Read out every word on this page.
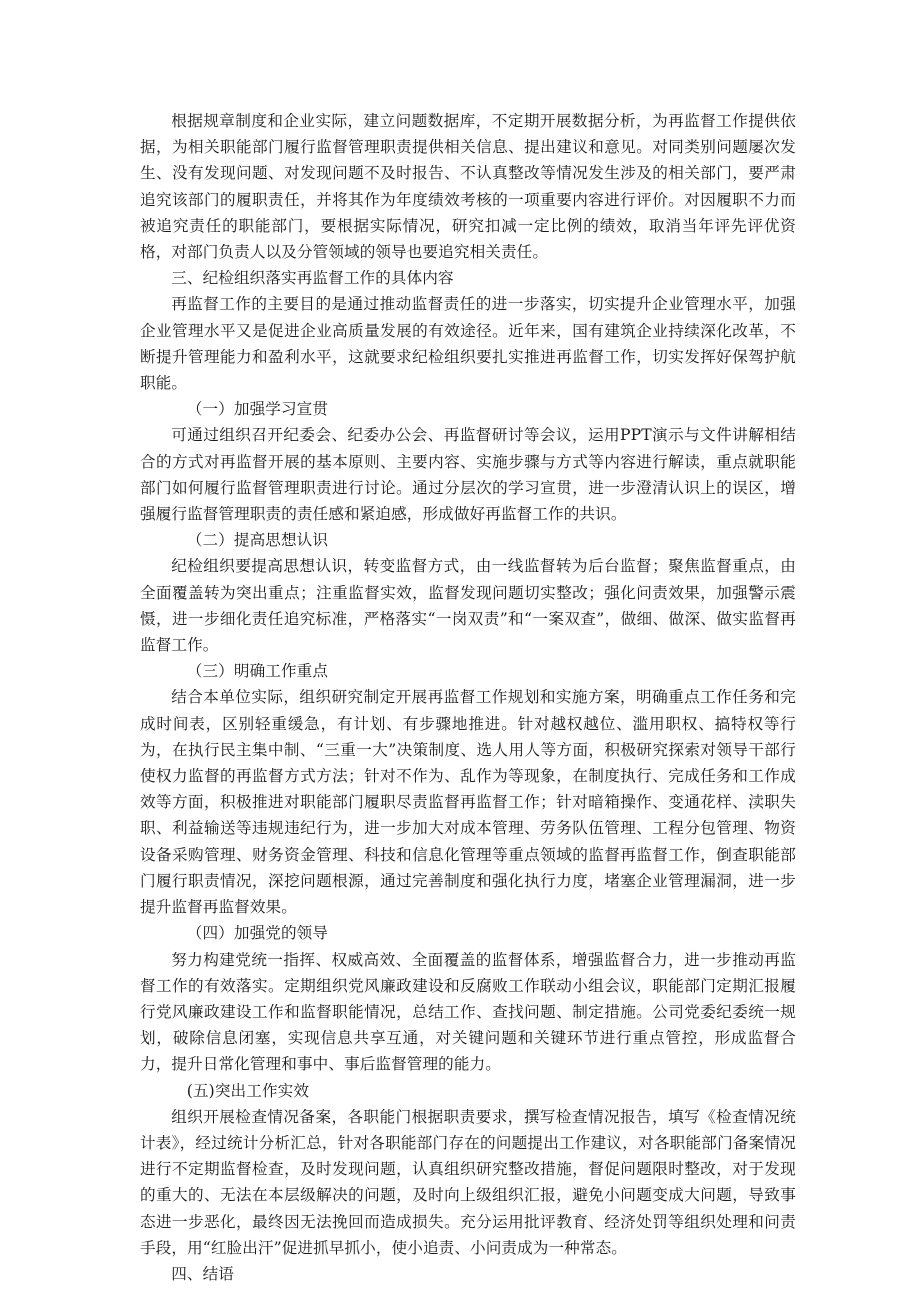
根据规章制度和企业实际，建立问题数据库，不定期开展数据分析，为再监督工作提供依据，为相关职能部门履行监督管理职责提供相关信息、提出建议和意见。对同类别问题屡次发生、没有发现问题、对发现问题不及时报告、不认真整改等情况发生涉及的相关部门，要严肃追究该部门的履职责任，并将其作为年度绩效考核的一项重要内容进行评价。对因履职不力而被追究责任的职能部门，要根据实际情况，研究扣减一定比例的绩效，取消当年评先评优资格，对部门负责人以及分管领域的领导也要追究相关责任。

三、纪检组织落实再监督工作的具体内容

再监督工作的主要目的是通过推动监督责任的进一步落实，切实提升企业管理水平，加强企业管理水平又是促进企业高质量发展的有效途径。近年来，国有建筑企业持续深化改革，不断提升管理能力和盈利水平，这就要求纪检组织要扎实推进再监督工作，切实发挥好保驾护航职能。

（一）加强学习宣贯

可通过组织召开纪委会、纪委办公会、再监督研讨等会议，运用PPT演示与文件讲解相结合的方式对再监督开展的基本原则、主要内容、实施步骤与方式等内容进行解读，重点就职能部门如何履行监督管理职责进行讨论。通过分层次的学习宣贯，进一步澄清认识上的误区，增强履行监督管理职责的责任感和紧迫感，形成做好再监督工作的共识。

（二）提高思想认识

纪检组织要提高思想认识，转变监督方式，由一线监督转为后台监督；聚焦监督重点，由全面覆盖转为突出重点；注重监督实效，监督发现问题切实整改；强化问责效果，加强警示震慑，进一步细化责任追究标准，严格落实“一岗双责”和“一案双查”，做细、做深、做实监督再监督工作。

（三）明确工作重点

结合本单位实际，组织研究制定开展再监督工作规划和实施方案，明确重点工作任务和完成时间表，区别轻重缓急，有计划、有步骤地推进。针对越权越位、滥用职权、搞特权等行为，在执行民主集中制、“三重一大”决策制度、选人用人等方面，积极研究探索对领导干部行使权力监督的再监督方式方法；针对不作为、乱作为等现象，在制度执行、完成任务和工作成效等方面，积极推进对职能部门履职尽责监督再监督工作；针对暗箱操作、变通花样、渎职失职、利益输送等违规违纪行为，进一步加大对成本管理、劳务队伍管理、工程分包管理、物资设备采购管理、财务资金管理、科技和信息化管理等重点领域的监督再监督工作，倒查职能部门履行职责情况，深挖问题根源，通过完善制度和强化执行力度，堵塞企业管理漏洞，进一步提升监督再监督效果。

（四）加强党的领导

努力构建党统一指挥、权威高效、全面覆盖的监督体系，增强监督合力，进一步推动再监督工作的有效落实。定期组织党风廉政建设和反腐败工作联动小组会议，职能部门定期汇报履行党风廉政建设工作和监督职能情况，总结工作、查找问题、制定措施。公司党委纪委统一规划，破除信息闭塞，实现信息共享互通，对关键问题和关键环节进行重点管控，形成监督合力，提升日常化管理和事中、事后监督管理的能力。

(五)突出工作实效

组织开展检查情况备案，各职能门根据职责要求，撰写检查情况报告，填写《检查情况统计表》，经过统计分析汇总，针对各职能部门存在的问题提出工作建议，对各职能部门备案情况进行不定期监督检查，及时发现问题，认真组织研究整改措施，督促问题限时整改，对于发现的重大的、无法在本层级解决的问题，及时向上级组织汇报，避免小问题变成大问题，导致事态进一步恶化，最终因无法挽回而造成损失。充分运用批评教育、经济处罚等组织处理和问责手段，用“红脸出汗”促进抓早抓小，使小追责、小问责成为一种常态。

四、结语
